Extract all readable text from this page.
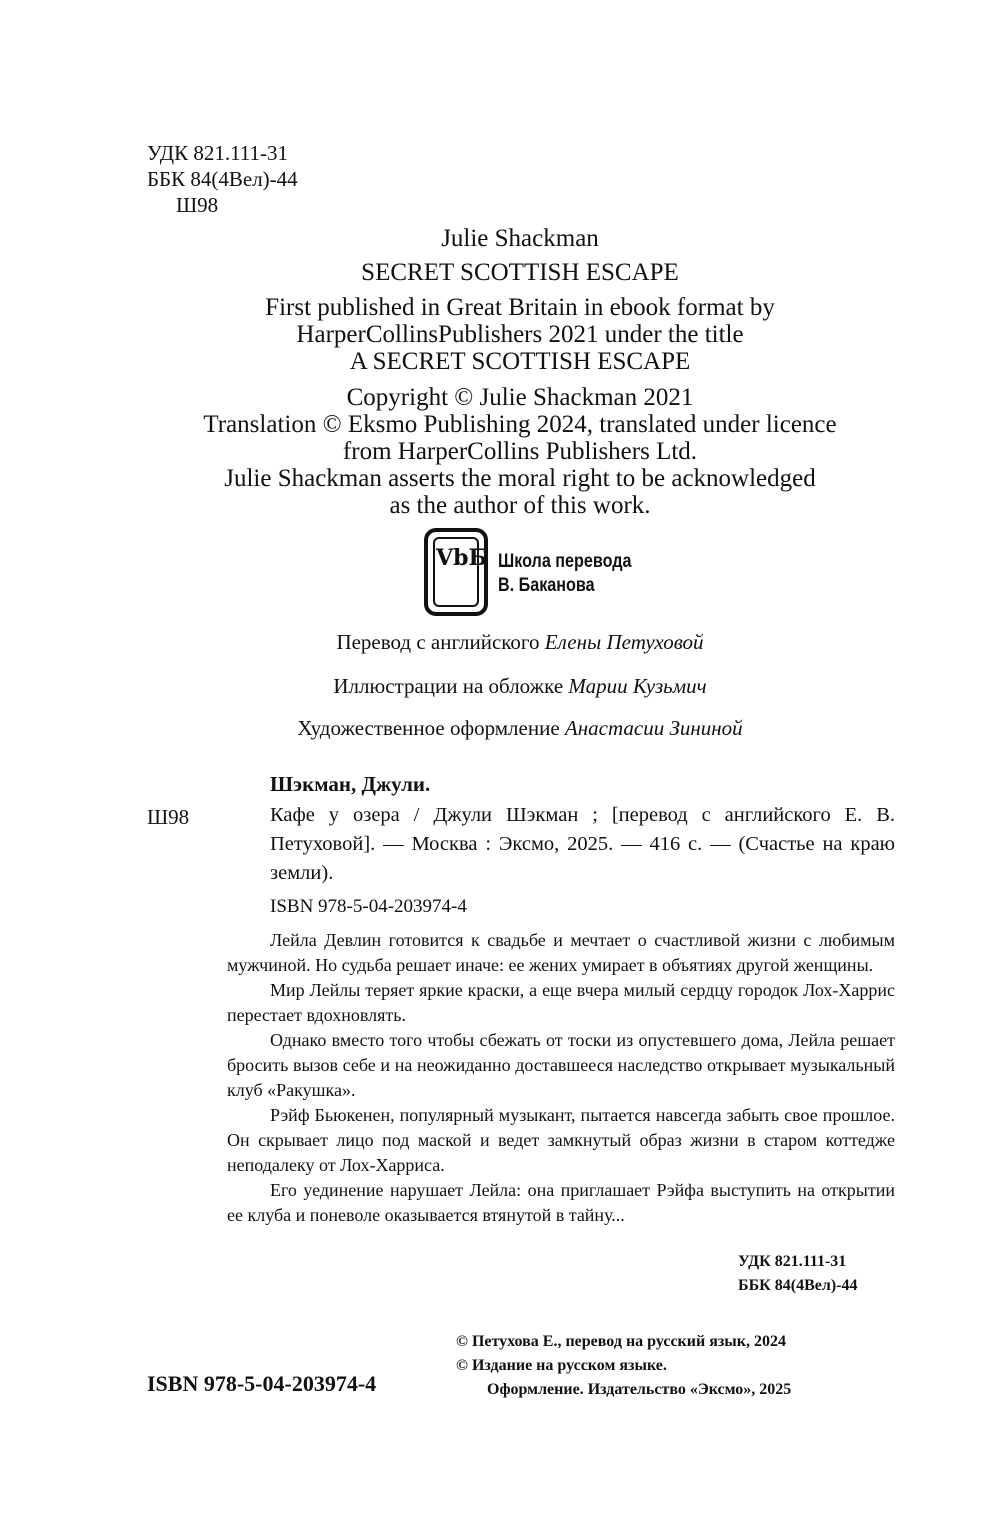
УДК 821.111-31
ББК 84(4Вел)-44
Ш98
Julie Shackman
SECRET SCOTTISH ESCAPE
First published in Great Britain in ebook format by
HarperCollinsPublishers 2021 under the title
A SECRET SCOTTISH ESCAPE
Copyright © Julie Shackman 2021
Translation © Eksmo Publishing 2024, translated under licence
from HarperCollins Publishers Ltd.
Julie Shackman asserts the moral right to be acknowledged
as the author of this work.
VbБ Школа перевода
В. Баканова
Перевод с английского Елены Петуховой
Иллюстрации на обложке Марии Кузьмич
Художественное оформление Анастасии Зининой
Шэкман, Джули.
Ш98	Кафе у озера / Джули Шэкман ; [перевод с английского Е. В. Петуховой]. — Москва : Эксмо, 2025. — 416 с. — (Счастье на краю земли).
ISBN 978-5-04-203974-4

Лейла Девлин готовится к свадьбе и мечтает о счастливой жизни с любимым мужчиной. Но судьба решает иначе: ее жених умирает в объятиях другой женщины.

Мир Лейлы теряет яркие краски, а еще вчера милый сердцу городок Лох-Харрис перестает вдохновлять.

Однако вместо того чтобы сбежать от тоски из опустевшего дома, Лейла решает бросить вызов себе и на неожиданно доставшееся наследство открывает музыкальный клуб «Ракушка».

Рэйф Бьюкенен, популярный музыкант, пытается навсегда забыть свое прошлое. Он скрывает лицо под маской и ведет замкнутый образ жизни в старом коттедже неподалеку от Лох-Харриса.

Его уединение нарушает Лейла: она приглашает Рэйфа выступить на открытии ее клуба и поневоле оказывается втянутой в тайну...

УДК 821.111-31
ББК 84(4Вел)-44
© Петухова Е., перевод на русский язык, 2024
© Издание на русском языке.
Оформление. Издательство «Эксмо», 2025
ISBN 978-5-04-203974-4
